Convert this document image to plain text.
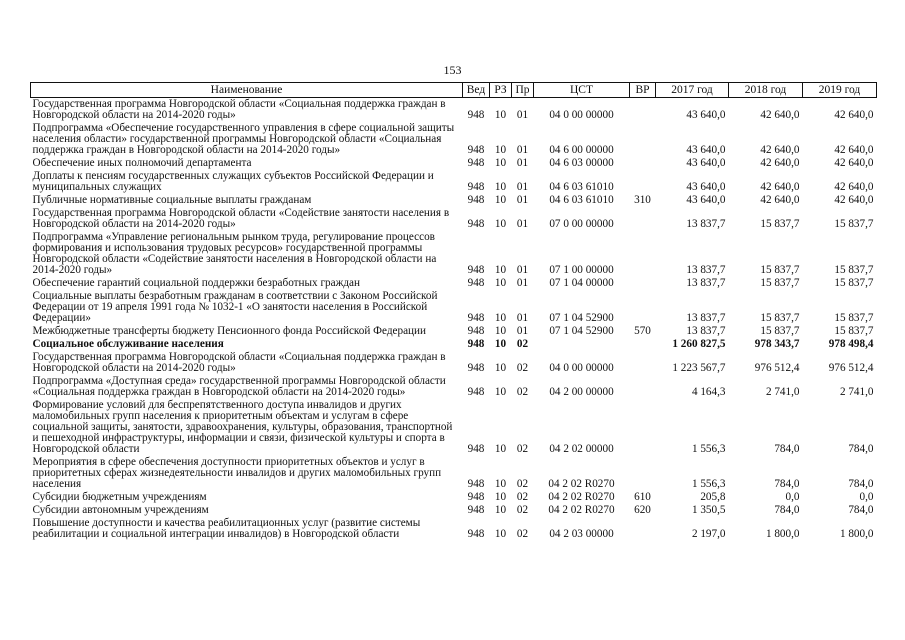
153
Наименование	Вед	РЗ	Пр	ЦСТ	ВР	2017 год	2018 год	2019 год
Государственная программа Новгородской области «Социальная поддержка граждан в Новгородской области на 2014-2020 годы»	948	10	01	04 0 00 00000		43 640,0	42 640,0	42 640,0
Подпрограмма «Обеспечение государственного управления в сфере социальной защиты населения области» государственной программы Новгородской области «Социальная поддержка граждан в Новгородской области на 2014-2020 годы»	948	10	01	04 6 00 00000		43 640,0	42 640,0	42 640,0
Обеспечение иных полномочий департамента	948	10	01	04 6 03 00000		43 640,0	42 640,0	42 640,0
Доплаты к пенсиям государственных служащих субъектов Российской Федерации и муниципальных служащих	948	10	01	04 6 03 61010		43 640,0	42 640,0	42 640,0
Публичные нормативные социальные выплаты гражданам	948	10	01	04 6 03 61010	310	43 640,0	42 640,0	42 640,0
Государственная программа Новгородской области «Содействие занятости населения в Новгородской области на 2014-2020 годы»	948	10	01	07 0 00 00000		13 837,7	15 837,7	15 837,7
Подпрограмма «Управление региональным рынком труда, регулирование процессов формирования и использования трудовых ресурсов» государственной программы Новгородской области «Содействие занятости населения в Новгородской области на 2014-2020 годы»	948	10	01	07 1 00 00000		13 837,7	15 837,7	15 837,7
Обеспечение гарантий социальной поддержки безработных граждан	948	10	01	07 1 04 00000		13 837,7	15 837,7	15 837,7
Социальные выплаты безработным гражданам в соответствии с Законом Российской Федерации от 19 апреля 1991 года № 1032-1 «О занятости населения в Российской Федерации»	948	10	01	07 1 04 52900		13 837,7	15 837,7	15 837,7
Межбюджетные трансферты бюджету Пенсионного фонда Российской Федерации	948	10	01	07 1 04 52900	570	13 837,7	15 837,7	15 837,7
Социальное обслуживание населения	948	10	02			1 260 827,5	978 343,7	978 498,4
Государственная программа Новгородской области «Социальная поддержка граждан в Новгородской области на 2014-2020 годы»	948	10	02	04 0 00 00000		1 223 567,7	976 512,4	976 512,4
Подпрограмма «Доступная среда» государственной программы Новгородской области «Социальная поддержка граждан в Новгородской области на 2014-2020 годы»	948	10	02	04 2 00 00000		4 164,3	2 741,0	2 741,0
Формирование условий для беспрепятственного доступа инвалидов и других маломобильных групп населения к приоритетным объектам и услугам в сфере социальной защиты, занятости, здравоохранения, культуры, образования, транспортной и пешеходной инфраструктуры, информации и связи, физической культуры и спорта в Новгородской области	948	10	02	04 2 02 00000		1 556,3	784,0	784,0
Мероприятия в сфере обеспечения доступности приоритетных объектов и услуг в приоритетных сферах жизнедеятельности инвалидов и других маломобильных групп населения	948	10	02	04 2 02 R0270		1 556,3	784,0	784,0
Субсидии бюджетным учреждениям	948	10	02	04 2 02 R0270	610	205,8	0,0	0,0
Субсидии автономным учреждениям	948	10	02	04 2 02 R0270	620	1 350,5	784,0	784,0
Повышение доступности и качества реабилитационных услуг (развитие системы реабилитации и социальной интеграции инвалидов) в Новгородской области	948	10	02	04 2 03 00000		2 197,0	1 800,0	1 800,0
